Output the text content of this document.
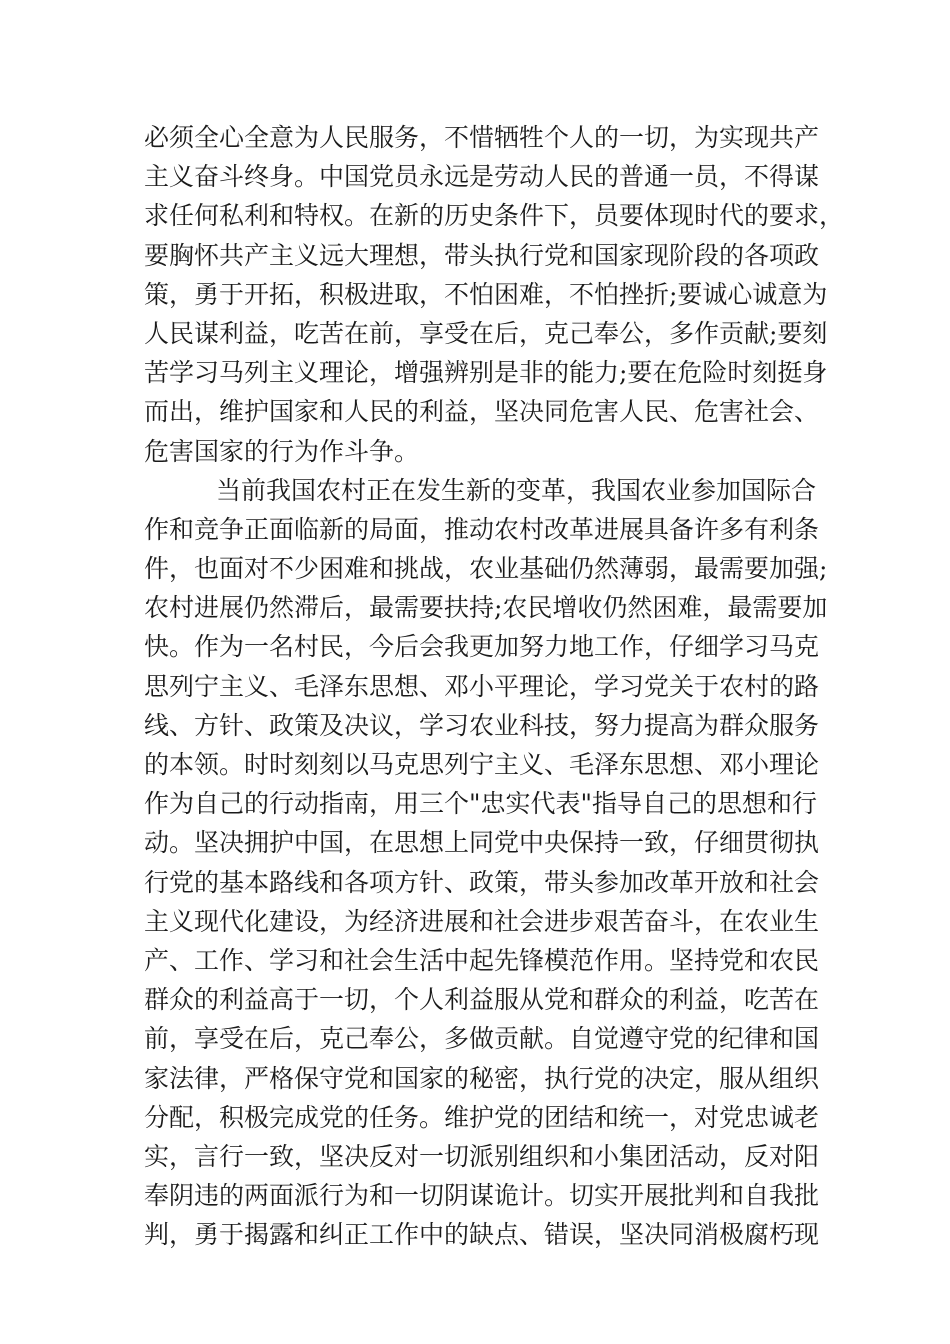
必须全心全意为人民服务，不惜牺牲个人的一切，为实现共产
主义奋斗终身。中国党员永远是劳动人民的普通一员，不得谋
求任何私利和特权。在新的历史条件下，员要体现时代的要求，
要胸怀共产主义远大理想，带头执行党和国家现阶段的各项政
策，勇于开拓，积极进取，不怕困难，不怕挫折;要诚心诚意为
人民谋利益，吃苦在前，享受在后，克己奉公，多作贡献;要刻
苦学习马列主义理论，增强辨别是非的能力;要在危险时刻挺身
而出，维护国家和人民的利益，坚决同危害人民、危害社会、
危害国家的行为作斗争。
当前我国农村正在发生新的变革，我国农业参加国际合
作和竞争正面临新的局面，推动农村改革进展具备许多有利条
件，也面对不少困难和挑战，农业基础仍然薄弱，最需要加强;
农村进展仍然滞后，最需要扶持;农民增收仍然困难，最需要加
快。作为一名村民，今后会我更加努力地工作，仔细学习马克
思列宁主义、毛泽东思想、邓小平理论，学习党关于农村的路
线、方针、政策及决议，学习农业科技，努力提高为群众服务
的本领。时时刻刻以马克思列宁主义、毛泽东思想、邓小理论
作为自己的行动指南，用三个"忠实代表"指导自己的思想和行
动。坚决拥护中国，在思想上同党中央保持一致，仔细贯彻执
行党的基本路线和各项方针、政策，带头参加改革开放和社会
主义现代化建设，为经济进展和社会进步艰苦奋斗，在农业生
产、工作、学习和社会生活中起先锋模范作用。坚持党和农民
群众的利益高于一切，个人利益服从党和群众的利益，吃苦在
前，享受在后，克己奉公，多做贡献。自觉遵守党的纪律和国
家法律，严格保守党和国家的秘密，执行党的决定，服从组织
分配，积极完成党的任务。维护党的团结和统一，对党忠诚老
实，言行一致，坚决反对一切派别组织和小集团活动，反对阳
奉阴违的两面派行为和一切阴谋诡计。切实开展批判和自我批
判，勇于揭露和纠正工作中的缺点、错误，坚决同消极腐朽现
